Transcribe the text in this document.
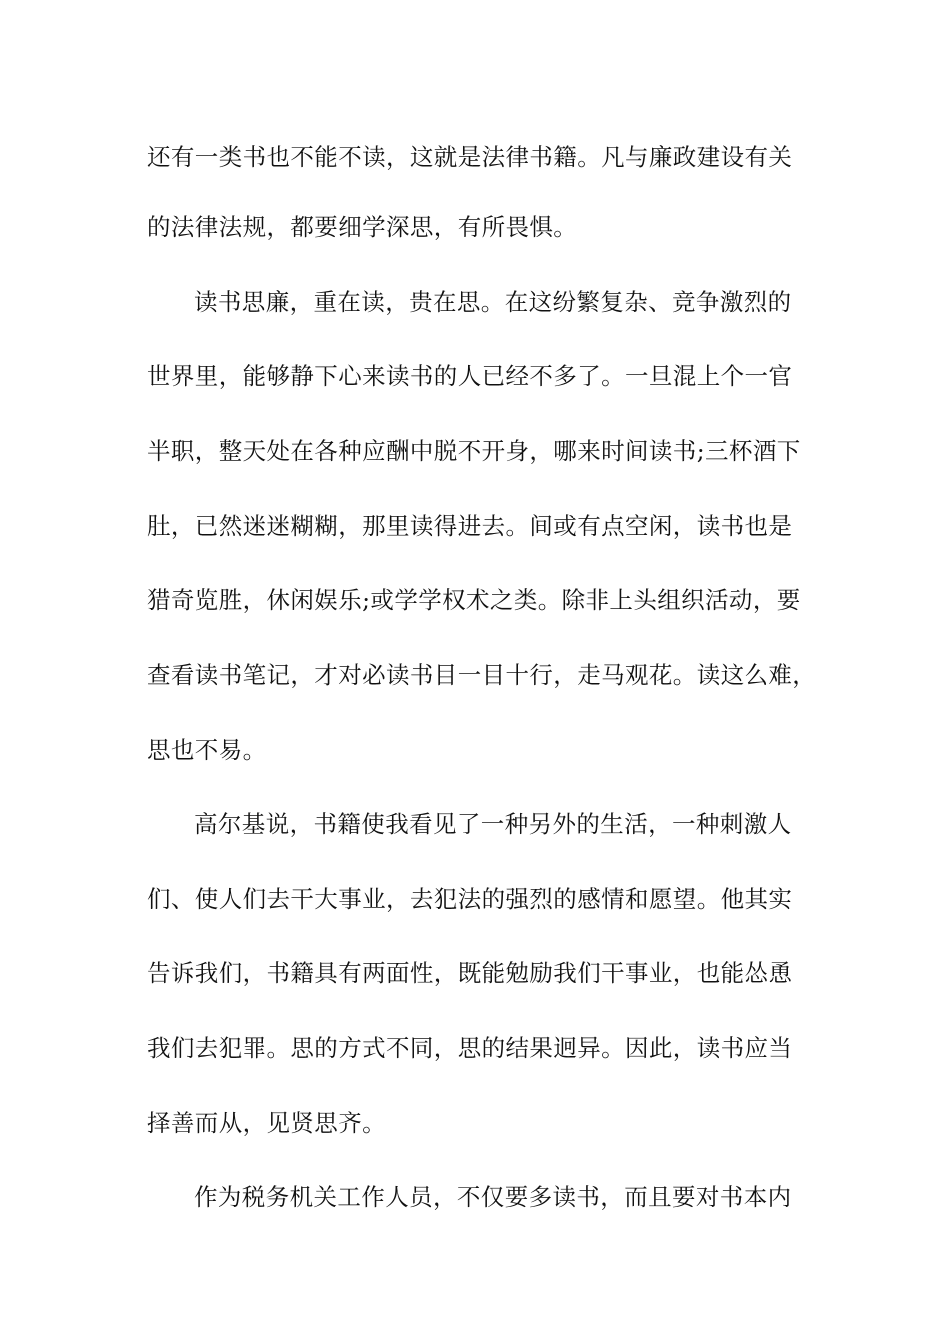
还有一类书也不能不读，这就是法律书籍。凡与廉政建设有关

的法律法规，都要细学深思，有所畏惧。

读书思廉，重在读，贵在思。在这纷繁复杂、竞争激烈的

世界里，能够静下心来读书的人已经不多了。一旦混上个一官

半职，整天处在各种应酬中脱不开身，哪来时间读书;三杯酒下

肚，已然迷迷糊糊，那里读得进去。间或有点空闲，读书也是

猎奇览胜，休闲娱乐;或学学权术之类。除非上头组织活动，要

查看读书笔记，才对必读书目一目十行，走马观花。读这么难，

思也不易。

高尔基说，书籍使我看见了一种另外的生活，一种刺激人

们、使人们去干大事业，去犯法的强烈的感情和愿望。他其实

告诉我们，书籍具有两面性，既能勉励我们干事业，也能怂恿

我们去犯罪。思的方式不同，思的结果迥异。因此，读书应当

择善而从，见贤思齐。

作为税务机关工作人员，不仅要多读书，而且要对书本内
